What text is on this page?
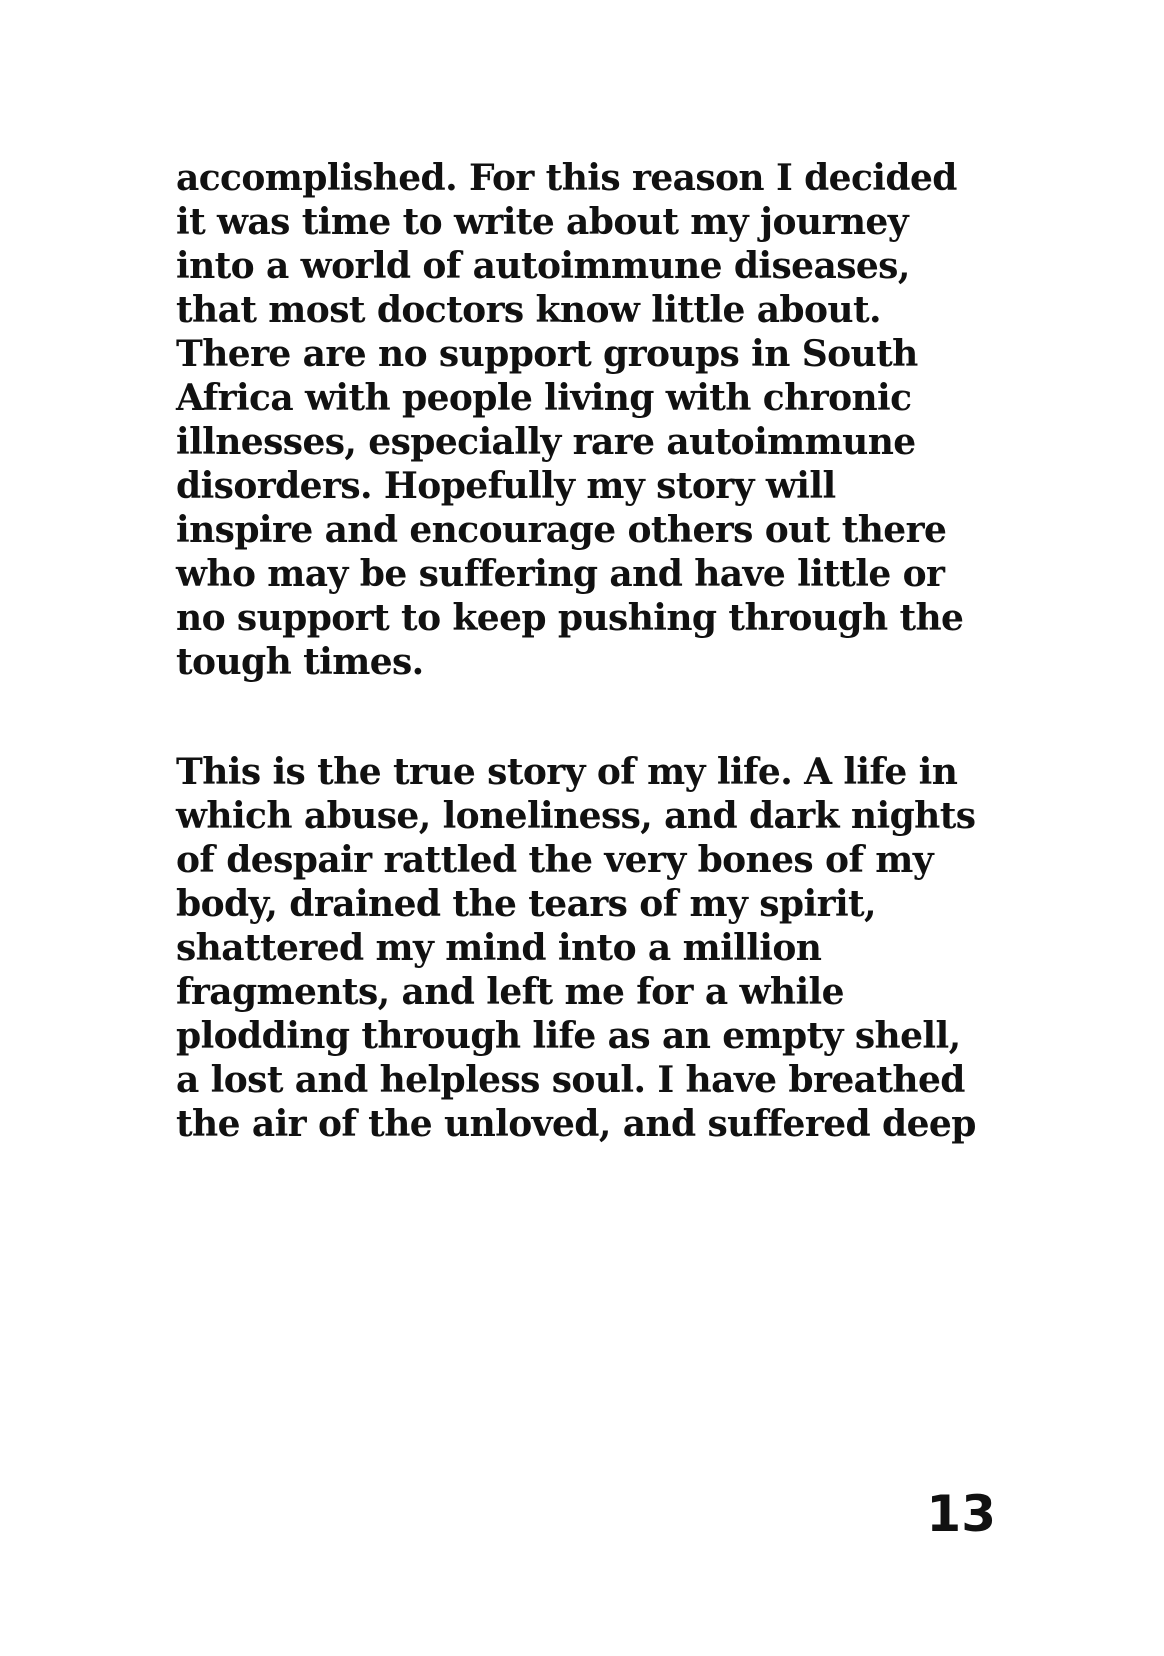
accomplished. For this reason I decided
it was time to write about my journey
into a world of autoimmune diseases,
that most doctors know little about.
There are no support groups in South
Africa with people living with chronic
illnesses, especially rare autoimmune
disorders. Hopefully my story will
inspire and encourage others out there
who may be suffering and have little or
no support to keep pushing through the
tough times.
This is the true story of my life. A life in
which abuse, loneliness, and dark nights
of despair rattled the very bones of my
body, drained the tears of my spirit,
shattered my mind into a million
fragments, and left me for a while
plodding through life as an empty shell,
a lost and helpless soul. I have breathed
the air of the unloved, and suffered deep
13
